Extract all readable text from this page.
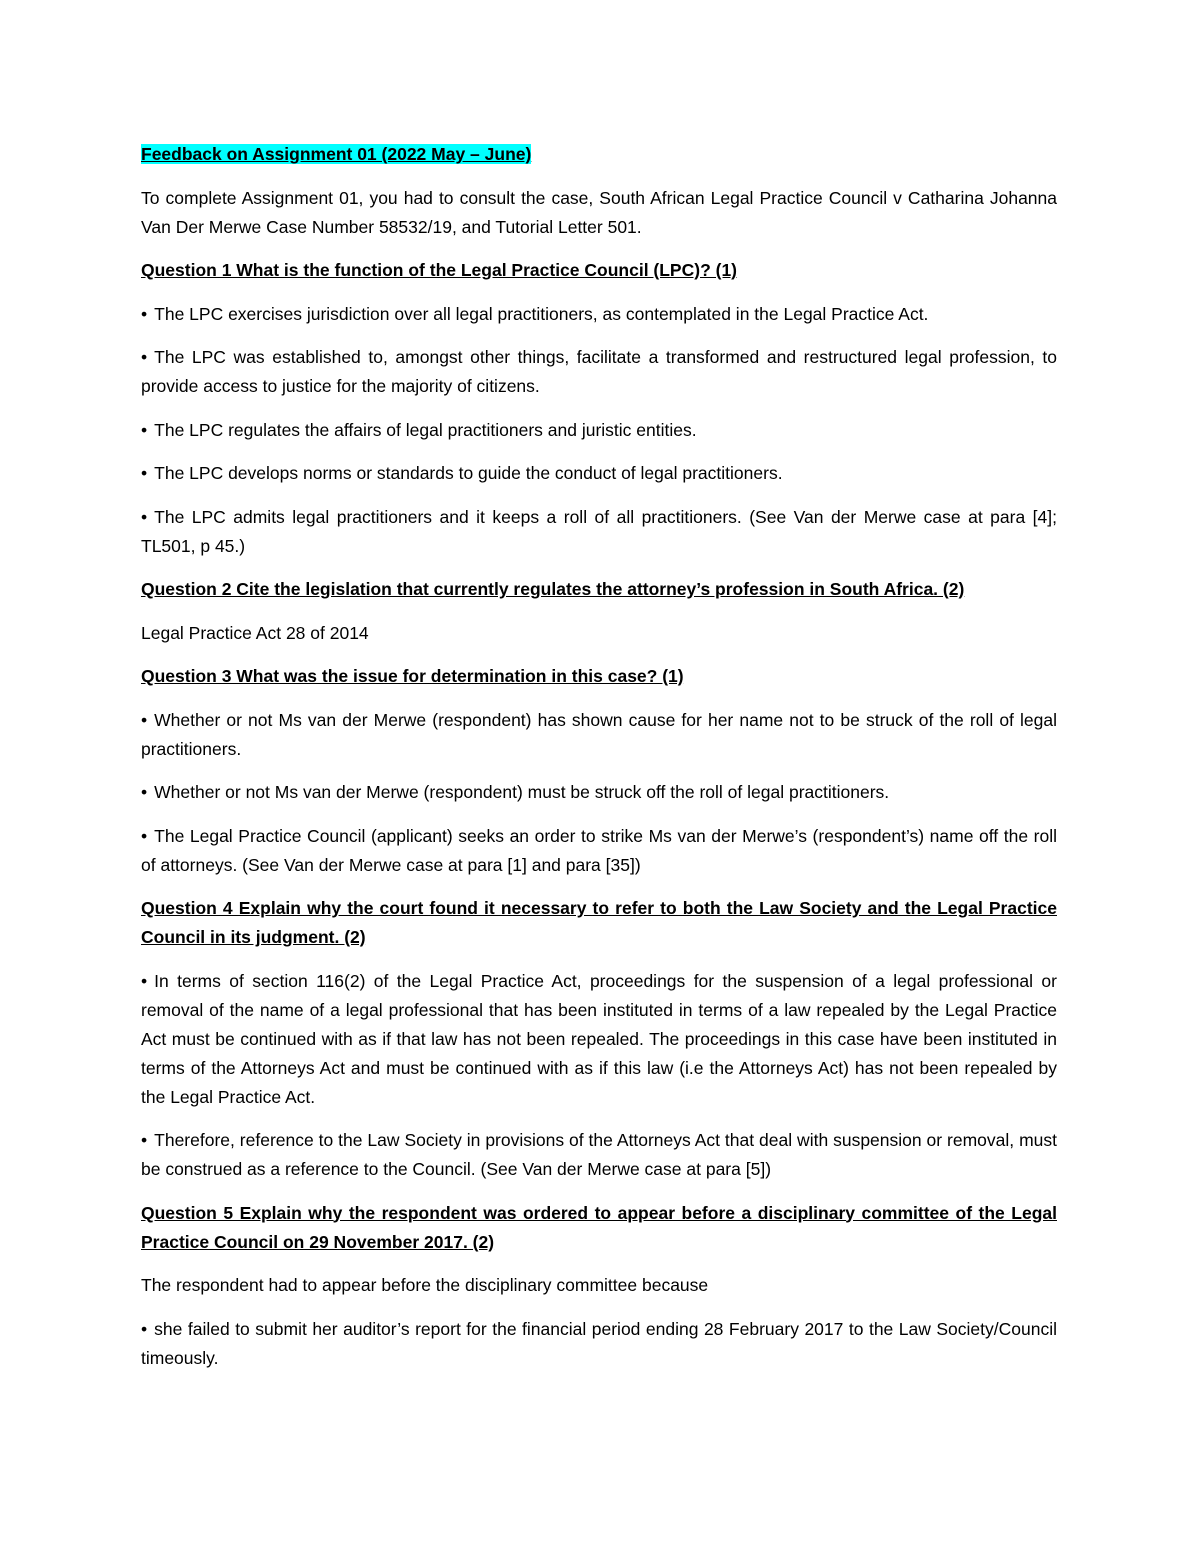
Feedback on Assignment 01 (2022 May – June)

To complete Assignment 01, you had to consult the case, South African Legal Practice Council v Catharina Johanna Van Der Merwe Case Number 58532/19, and Tutorial Letter 501.

Question 1 What is the function of the Legal Practice Council (LPC)? (1)

• The LPC exercises jurisdiction over all legal practitioners, as contemplated in the Legal Practice Act.

• The LPC was established to, amongst other things, facilitate a transformed and restructured legal profession, to provide access to justice for the majority of citizens.

• The LPC regulates the affairs of legal practitioners and juristic entities.

• The LPC develops norms or standards to guide the conduct of legal practitioners.

• The LPC admits legal practitioners and it keeps a roll of all practitioners. (See Van der Merwe case at para [4]; TL501, p 45.)

Question 2 Cite the legislation that currently regulates the attorney’s profession in South Africa. (2)

Legal Practice Act 28 of 2014

Question 3 What was the issue for determination in this case? (1)

• Whether or not Ms van der Merwe (respondent) has shown cause for her name not to be struck of the roll of legal practitioners.

• Whether or not Ms van der Merwe (respondent) must be struck off the roll of legal practitioners.

• The Legal Practice Council (applicant) seeks an order to strike Ms van der Merwe’s (respondent’s) name off the roll of attorneys. (See Van der Merwe case at para [1] and para [35])

Question 4 Explain why the court found it necessary to refer to both the Law Society and the Legal Practice Council in its judgment. (2)

• In terms of section 116(2) of the Legal Practice Act, proceedings for the suspension of a legal professional or removal of the name of a legal professional that has been instituted in terms of a law repealed by the Legal Practice Act must be continued with as if that law has not been repealed. The proceedings in this case have been instituted in terms of the Attorneys Act and must be continued with as if this law (i.e the Attorneys Act) has not been repealed by the Legal Practice Act.

• Therefore, reference to the Law Society in provisions of the Attorneys Act that deal with suspension or removal, must be construed as a reference to the Council. (See Van der Merwe case at para [5])

Question 5 Explain why the respondent was ordered to appear before a disciplinary committee of the Legal Practice Council on 29 November 2017. (2)

The respondent had to appear before the disciplinary committee because

• she failed to submit her auditor’s report for the financial period ending 28 February 2017 to the Law Society/Council timeously.
